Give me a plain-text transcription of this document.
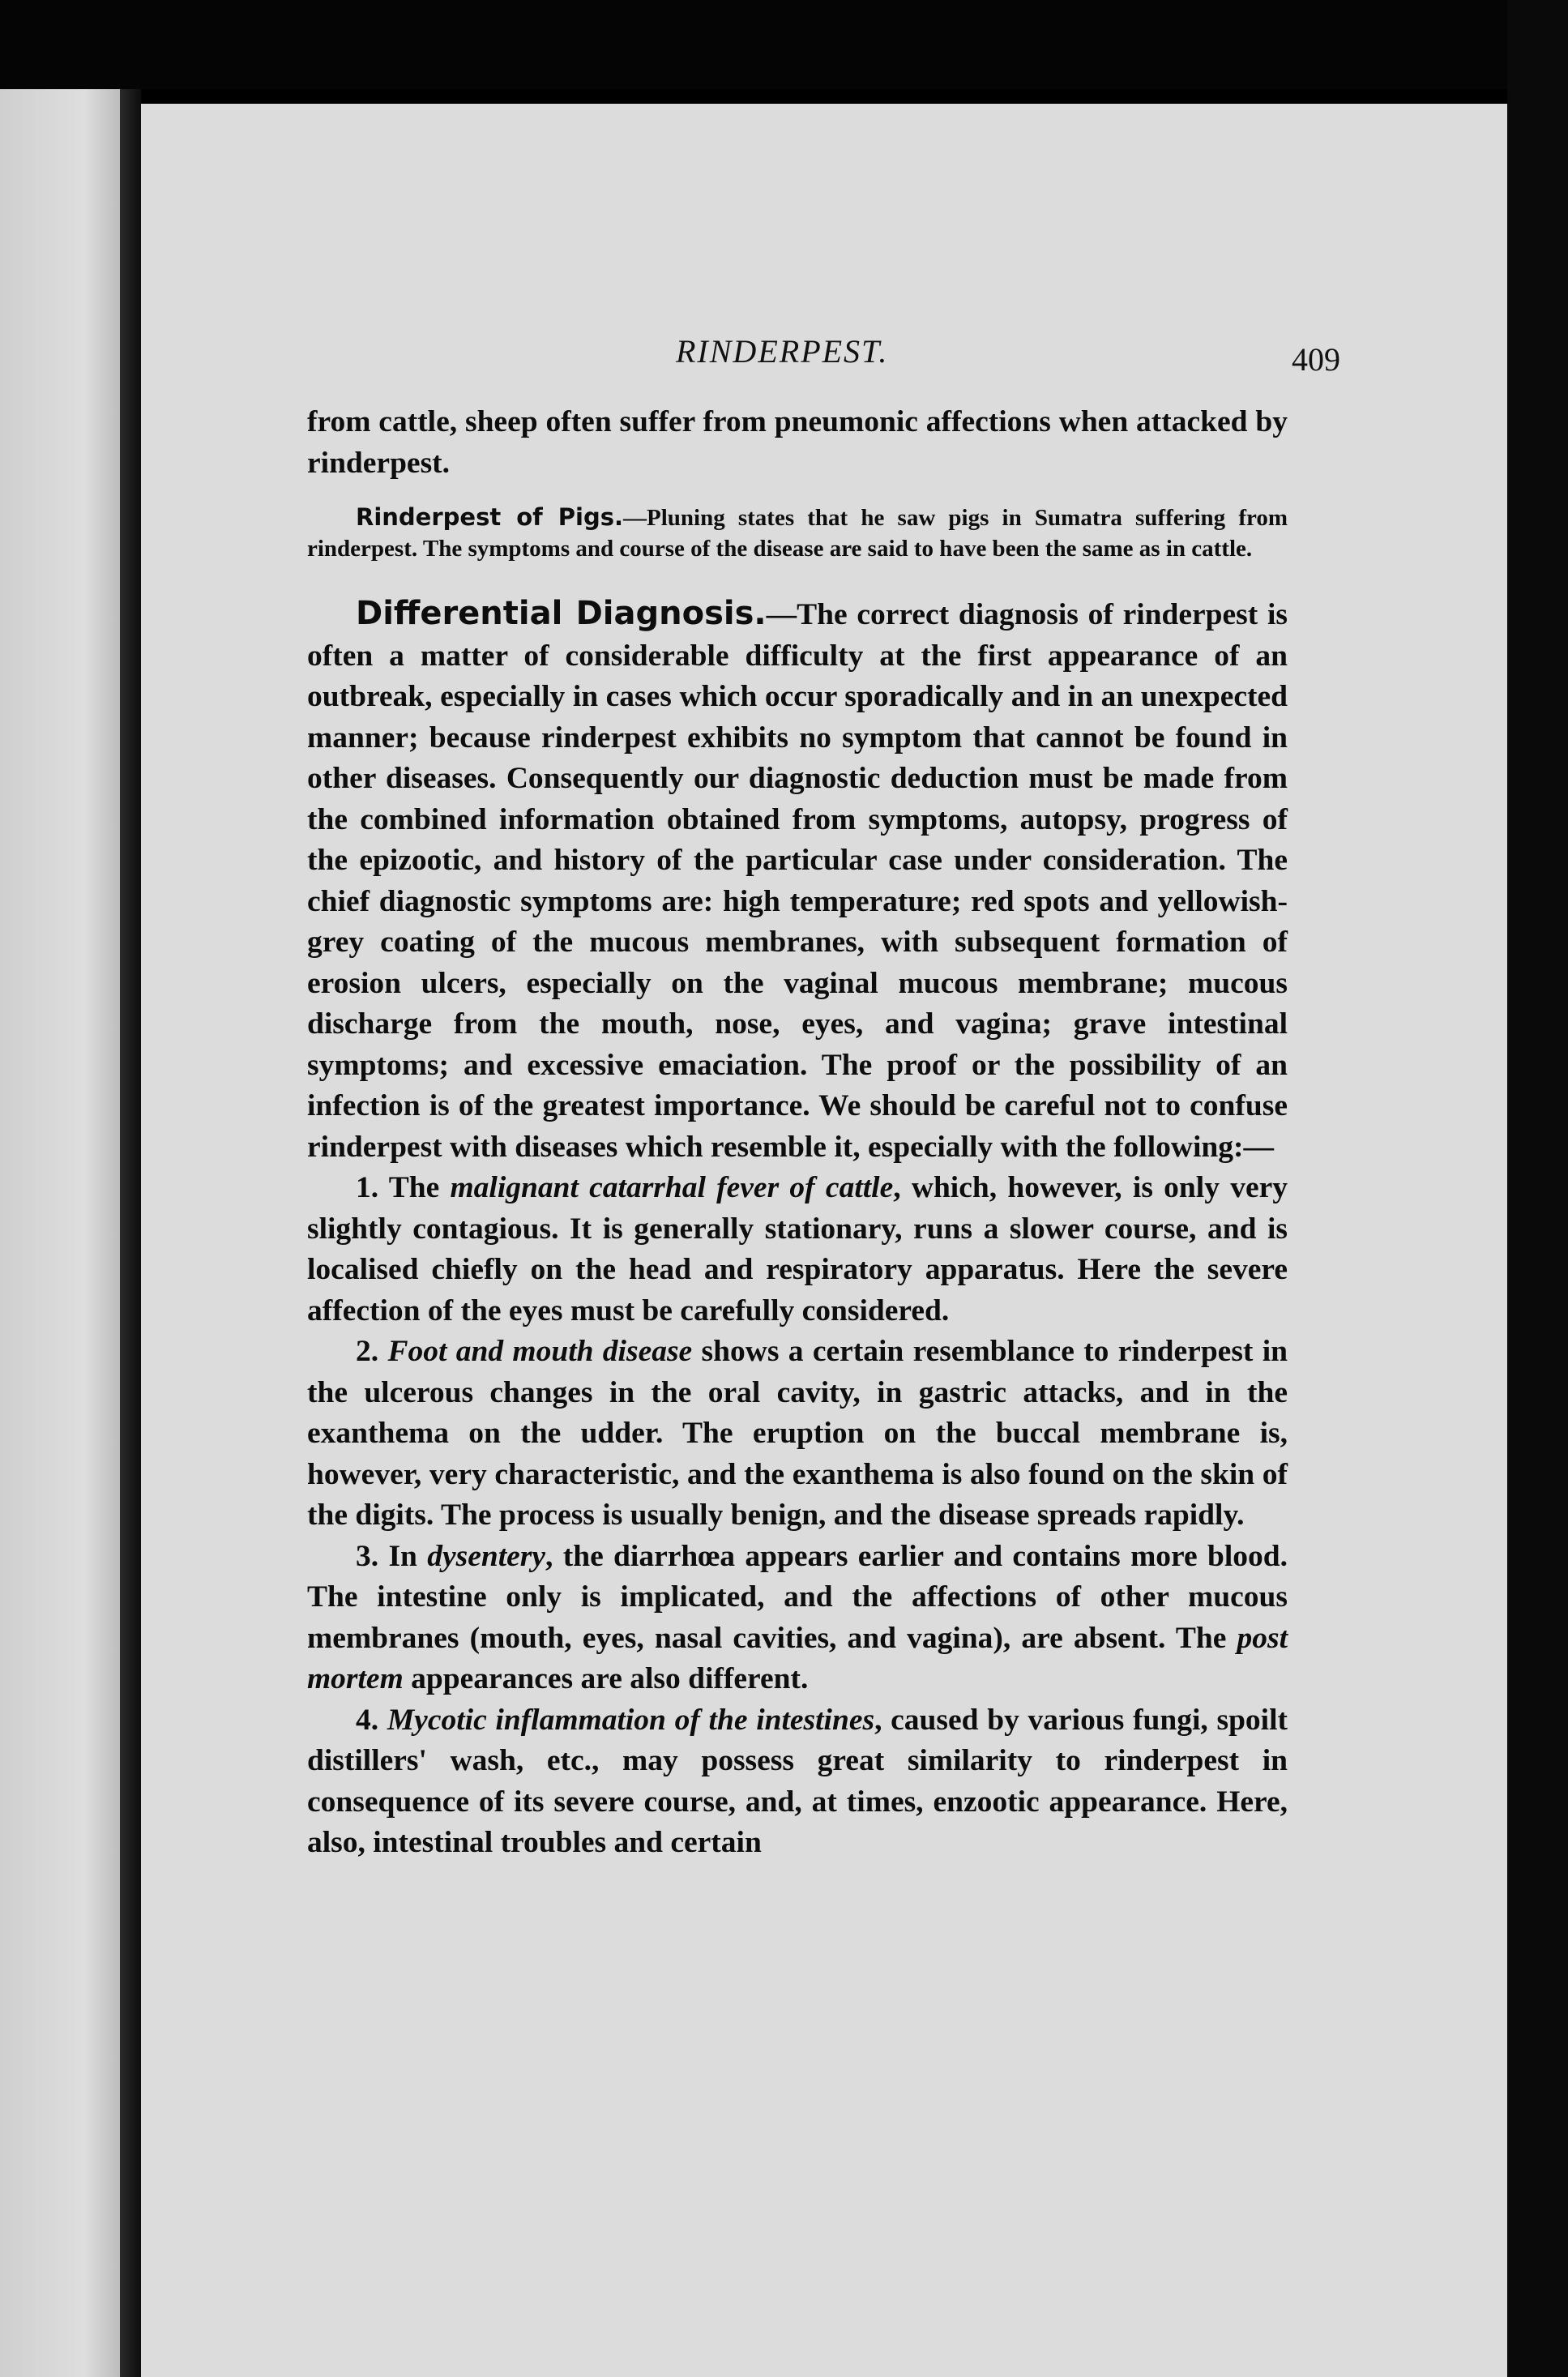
RINDERPEST.	409

from cattle, sheep often suffer from pneumonic affections when attacked by rinderpest.

Rinderpest of Pigs.—Pluning states that he saw pigs in Sumatra suffering from rinderpest. The symptoms and course of the disease are said to have been the same as in cattle.

Differential Diagnosis.—The correct diagnosis of rinderpest is often a matter of considerable difficulty at the first appearance of an outbreak, especially in cases which occur sporadically and in an unexpected manner; because rinderpest exhibits no symptom that cannot be found in other diseases. Consequently our diagnostic deduction must be made from the combined information obtained from symptoms, autopsy, progress of the epizootic, and history of the particular case under consideration. The chief diagnostic symptoms are: high temperature; red spots and yellowish-grey coating of the mucous membranes, with subsequent formation of erosion ulcers, especially on the vaginal mucous membrane; mucous discharge from the mouth, nose, eyes, and vagina; grave intestinal symptoms; and excessive emaciation. The proof or the possibility of an infection is of the greatest importance. We should be careful not to confuse rinderpest with diseases which resemble it, especially with the following:—

1. The malignant catarrhal fever of cattle, which, however, is only very slightly contagious. It is generally stationary, runs a slower course, and is localised chiefly on the head and respiratory apparatus. Here the severe affection of the eyes must be carefully considered.

2. Foot and mouth disease shows a certain resemblance to rinderpest in the ulcerous changes in the oral cavity, in gastric attacks, and in the exanthema on the udder. The eruption on the buccal membrane is, however, very characteristic, and the exanthema is also found on the skin of the digits. The process is usually benign, and the disease spreads rapidly.

3. In dysentery, the diarrhœa appears earlier and contains more blood. The intestine only is implicated, and the affections of other mucous membranes (mouth, eyes, nasal cavities, and vagina), are absent. The post mortem appearances are also different.

4. Mycotic inflammation of the intestines, caused by various fungi, spoilt distillers' wash, etc., may possess great similarity to rinderpest in consequence of its severe course, and, at times, enzootic appearance. Here, also, intestinal troubles and certain
